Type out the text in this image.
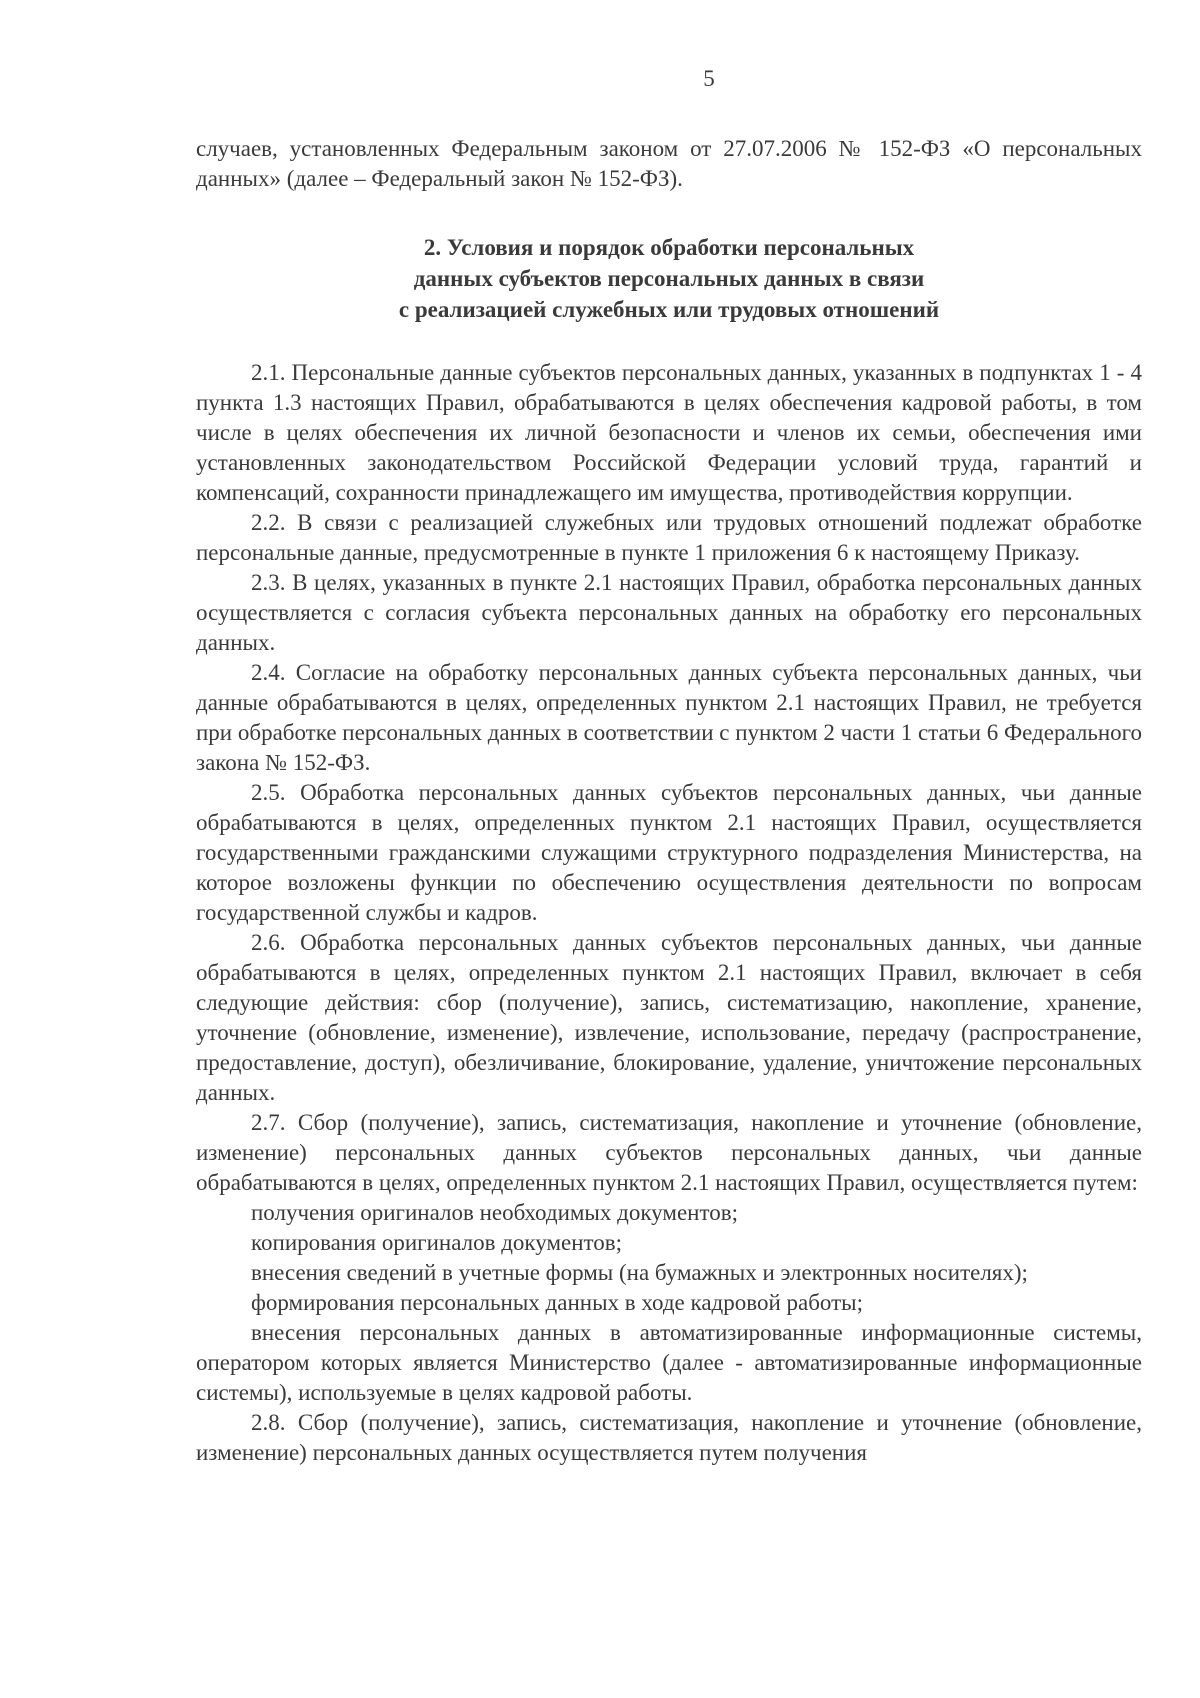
5

случаев, установленных Федеральным законом от 27.07.2006 № 152-ФЗ «О персональных данных» (далее – Федеральный закон № 152-ФЗ).

2. Условия и порядок обработки персональных
данных субъектов персональных данных в связи
с реализацией служебных или трудовых отношений

2.1. Персональные данные субъектов персональных данных, указанных в подпунктах 1 - 4 пункта 1.3 настоящих Правил, обрабатываются в целях обеспечения кадровой работы, в том числе в целях обеспечения их личной безопасности и членов их семьи, обеспечения ими установленных законодательством Российской Федерации условий труда, гарантий и компенсаций, сохранности принадлежащего им имущества, противодействия коррупции.

2.2. В связи с реализацией служебных или трудовых отношений подлежат обработке персональные данные, предусмотренные в пункте 1 приложения 6 к настоящему Приказу.

2.3. В целях, указанных в пункте 2.1 настоящих Правил, обработка персональных данных осуществляется с согласия субъекта персональных данных на обработку его персональных данных.

2.4. Согласие на обработку персональных данных субъекта персональных данных, чьи данные обрабатываются в целях, определенных пунктом 2.1 настоящих Правил, не требуется при обработке персональных данных в соответствии с пунктом 2 части 1 статьи 6 Федерального закона № 152-ФЗ.

2.5. Обработка персональных данных субъектов персональных данных, чьи данные обрабатываются в целях, определенных пунктом 2.1 настоящих Правил, осуществляется государственными гражданскими служащими структурного подразделения Министерства, на которое возложены функции по обеспечению осуществления деятельности по вопросам государственной службы и кадров.

2.6. Обработка персональных данных субъектов персональных данных, чьи данные обрабатываются в целях, определенных пунктом 2.1 настоящих Правил, включает в себя следующие действия: сбор (получение), запись, систематизацию, накопление, хранение, уточнение (обновление, изменение), извлечение, использование, передачу (распространение, предоставление, доступ), обезличивание, блокирование, удаление, уничтожение персональных данных.

2.7. Сбор (получение), запись, систематизация, накопление и уточнение (обновление, изменение) персональных данных субъектов персональных данных, чьи данные обрабатываются в целях, определенных пунктом 2.1 настоящих Правил, осуществляется путем:

получения оригиналов необходимых документов;

копирования оригиналов документов;

внесения сведений в учетные формы (на бумажных и электронных носителях);

формирования персональных данных в ходе кадровой работы;

внесения персональных данных в автоматизированные информационные системы, оператором которых является Министерство (далее - автоматизированные информационные системы), используемые в целях кадровой работы.

2.8. Сбор (получение), запись, систематизация, накопление и уточнение (обновление, изменение) персональных данных осуществляется путем получения
